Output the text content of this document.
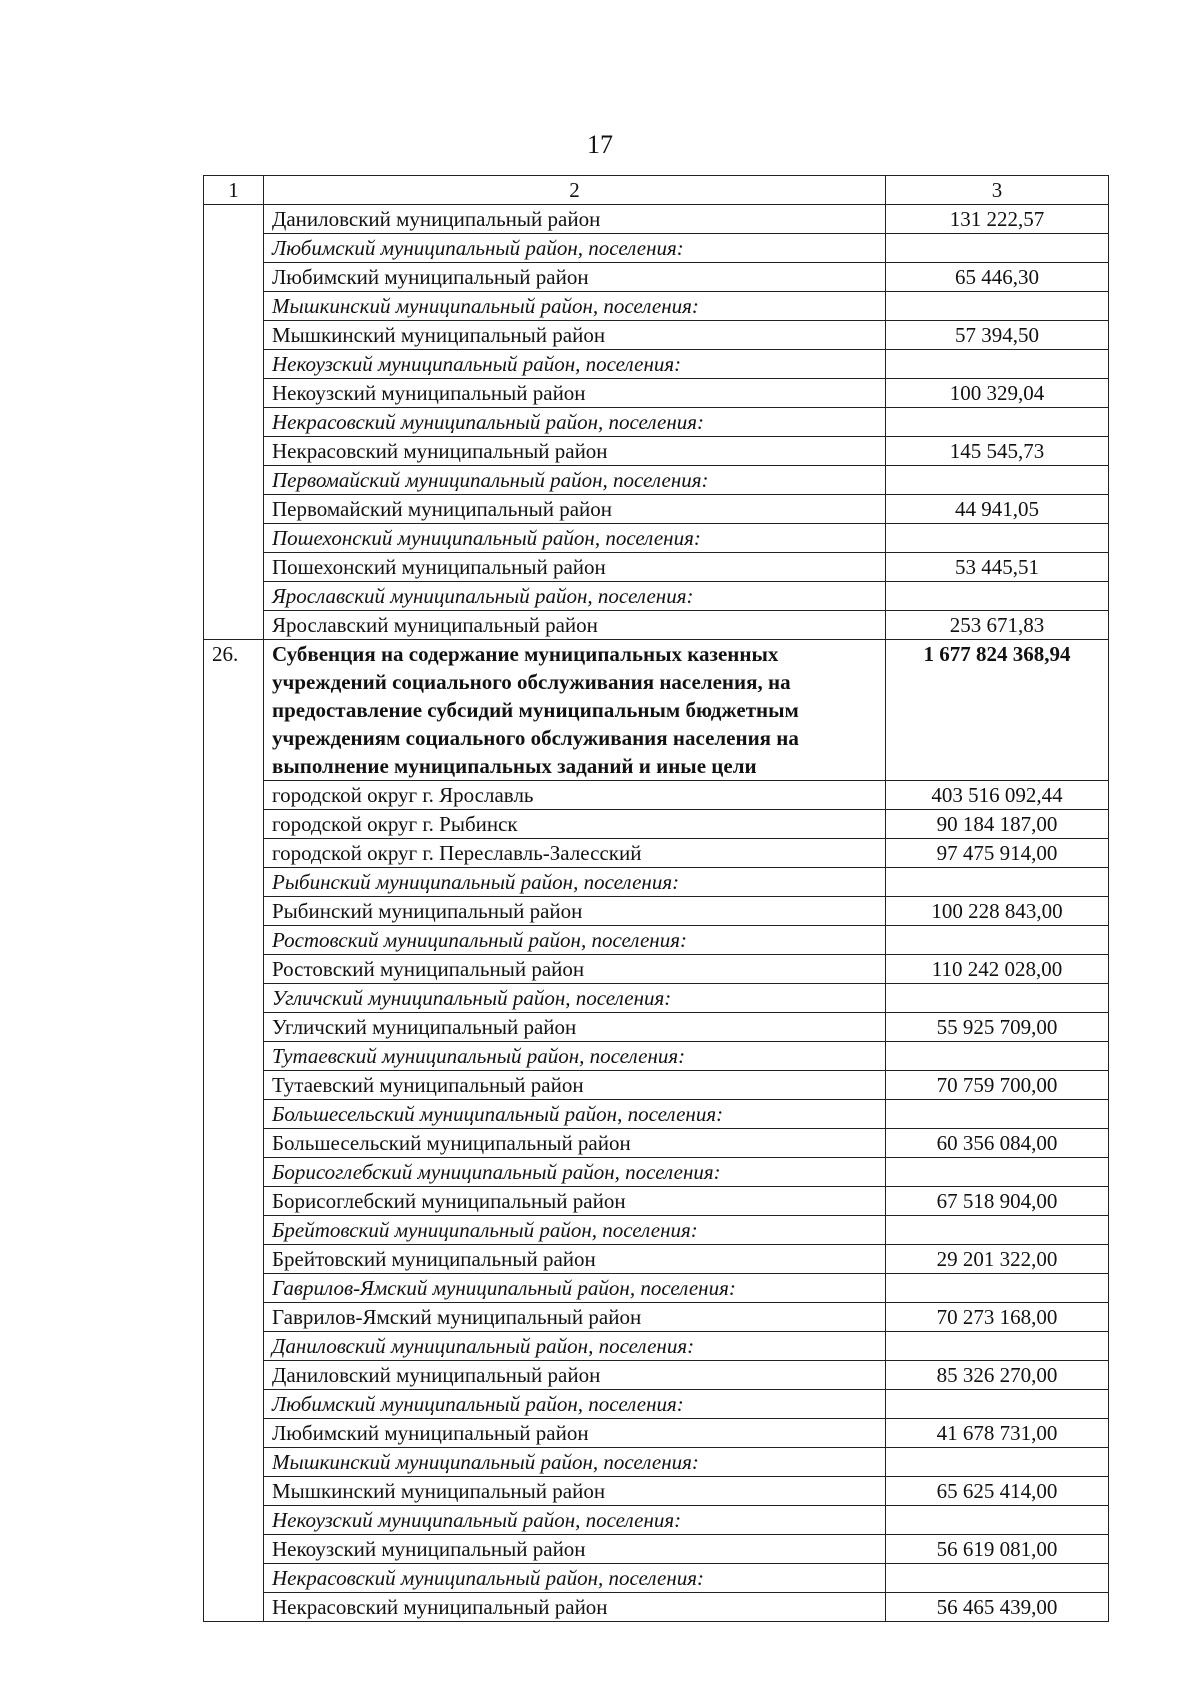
17
1	2	3
	Даниловский муниципальный район	131 222,57
	Любимский муниципальный район, поселения:	
	Любимский муниципальный район	65 446,30
	Мышкинский муниципальный район, поселения:	
	Мышкинский муниципальный район	57 394,50
	Некоузский муниципальный район, поселения:	
	Некоузский муниципальный район	100 329,04
	Некрасовский муниципальный район, поселения:	
	Некрасовский муниципальный район	145 545,73
	Первомайский муниципальный район, поселения:	
	Первомайский муниципальный район	44 941,05
	Пошехонский муниципальный район, поселения:	
	Пошехонский муниципальный район	53 445,51
	Ярославский муниципальный район, поселения:	
	Ярославский муниципальный район	253 671,83
26.	Субвенция на содержание муниципальных казенных учреждений социального обслуживания населения, на предоставление субсидий муниципальным бюджетным учреждениям социального обслуживания населения на выполнение муниципальных заданий и иные цели	1 677 824 368,94
	городской округ г. Ярославль	403 516 092,44
	городской округ г. Рыбинск	90 184 187,00
	городской округ г. Переславль-Залесский	97 475 914,00
	Рыбинский муниципальный район, поселения:	
	Рыбинский муниципальный район	100 228 843,00
	Ростовский муниципальный район, поселения:	
	Ростовский муниципальный район	110 242 028,00
	Угличский муниципальный район, поселения:	
	Угличский муниципальный район	55 925 709,00
	Тутаевский муниципальный район, поселения:	
	Тутаевский муниципальный район	70 759 700,00
	Большесельский муниципальный район, поселения:	
	Большесельский муниципальный район	60 356 084,00
	Борисоглебский муниципальный район, поселения:	
	Борисоглебский муниципальный район	67 518 904,00
	Брейтовский муниципальный район, поселения:	
	Брейтовский муниципальный район	29 201 322,00
	Гаврилов-Ямский муниципальный район, поселения:	
	Гаврилов-Ямский муниципальный район	70 273 168,00
	Даниловский муниципальный район, поселения:	
	Даниловский муниципальный район	85 326 270,00
	Любимский муниципальный район, поселения:	
	Любимский муниципальный район	41 678 731,00
	Мышкинский муниципальный район, поселения:	
	Мышкинский муниципальный район	65 625 414,00
	Некоузский муниципальный район, поселения:	
	Некоузский муниципальный район	56 619 081,00
	Некрасовский муниципальный район, поселения:	
	Некрасовский муниципальный район	56 465 439,00
